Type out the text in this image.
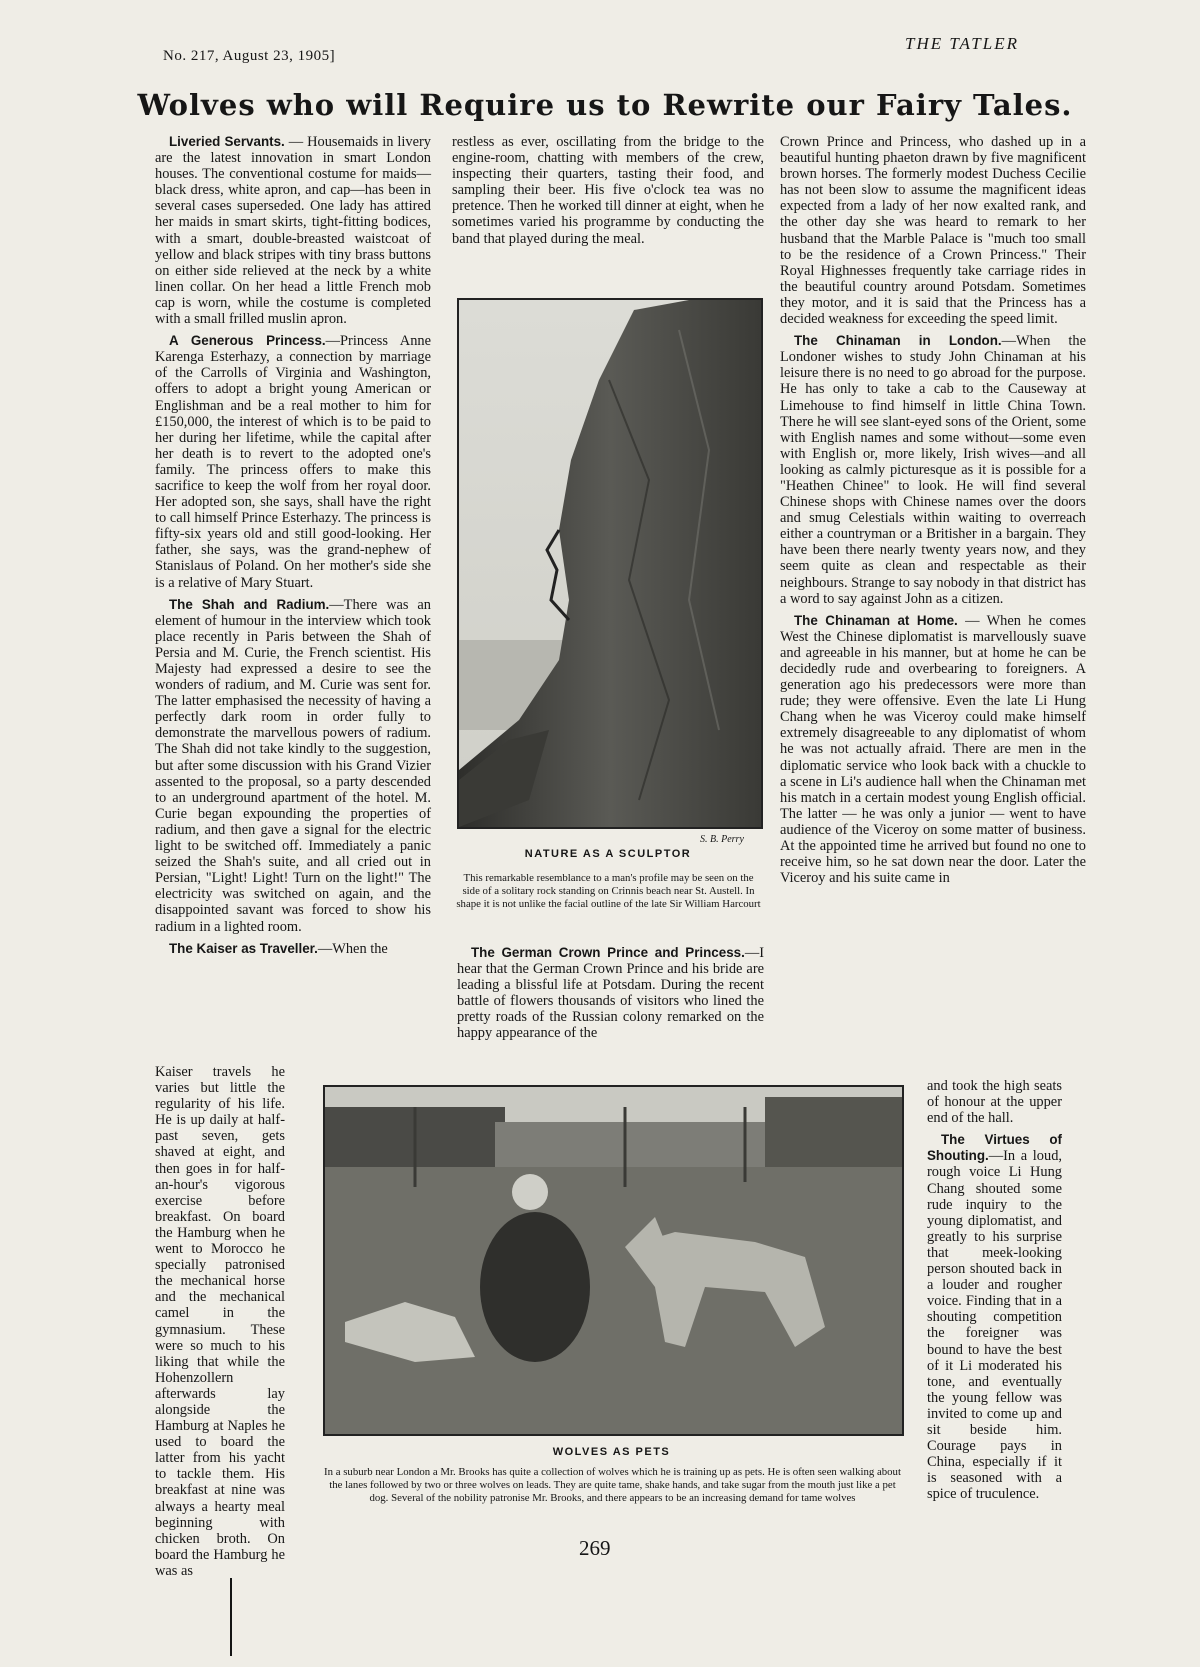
No. 217, August 23, 1905]
THE TATLER
Wolves who will Require us to Rewrite our Fairy Tales.

Liveried Servants. — Housemaids in livery are the latest innovation in smart London houses. The conventional costume for maids—black dress, white apron, and cap—has been in several cases superseded. One lady has attired her maids in smart skirts, tight-fitting bodices, with a smart, double-breasted waistcoat of yellow and black stripes with tiny brass buttons on either side relieved at the neck by a white linen collar. On her head a little French mob cap is worn, while the costume is completed with a small frilled muslin apron.

A Generous Princess.—Princess Anne Karenga Esterhazy, a connection by marriage of the Carrolls of Virginia and Washington, offers to adopt a bright young American or Englishman and be a real mother to him for £150,000, the interest of which is to be paid to her during her lifetime, while the capital after her death is to revert to the adopted one's family. The princess offers to make this sacrifice to keep the wolf from her royal door. Her adopted son, she says, shall have the right to call himself Prince Esterhazy. The princess is fifty-six years old and still good-looking. Her father, she says, was the grand-nephew of Stanislaus of Poland. On her mother's side she is a relative of Mary Stuart.

The Shah and Radium.—There was an element of humour in the interview which took place recently in Paris between the Shah of Persia and M. Curie, the French scientist. His Majesty had expressed a desire to see the wonders of radium, and M. Curie was sent for. The latter emphasised the necessity of having a perfectly dark room in order fully to demonstrate the marvellous powers of radium. The Shah did not take kindly to the suggestion, but after some discussion with his Grand Vizier assented to the proposal, so a party descended to an underground apartment of the hotel. M. Curie began expounding the properties of radium, and then gave a signal for the electric light to be switched off. Immediately a panic seized the Shah's suite, and all cried out in Persian, "Light! Light! Turn on the light!" The electricity was switched on again, and the disappointed savant was forced to show his radium in a lighted room.

The Kaiser as Traveller.—When the

Kaiser travels he varies but little the regularity of his life. He is up daily at half-past seven, gets shaved at eight, and then goes in for half-an-hour's vigorous exercise before breakfast. On board the Hamburg when he went to Morocco he specially patronised the mechanical horse and the mechanical camel in the gymnasium. These were so much to his liking that while the Hohenzollern afterwards lay alongside the Hamburg at Naples he used to board the latter from his yacht to tackle them. His breakfast at nine was always a hearty meal beginning with chicken broth. On board the Hamburg he was as

restless as ever, oscillating from the bridge to the engine-room, chatting with members of the crew, inspecting their quarters, tasting their food, and sampling their beer. His five o'clock tea was no pretence. Then he worked till dinner at eight, when he sometimes varied his programme by conducting the band that played during the meal.

S. B. Perry
NATURE AS A SCULPTOR
This remarkable resemblance to a man's profile may be seen on the side of a solitary rock standing on Crinnis beach near St. Austell. In shape it is not unlike the facial outline of the late Sir William Harcourt

The German Crown Prince and Princess.—I hear that the German Crown Prince and his bride are leading a blissful life at Potsdam. During the recent battle of flowers thousands of visitors who lined the pretty roads of the Russian colony remarked on the happy appearance of the

Crown Prince and Princess, who dashed up in a beautiful hunting phaeton drawn by five magnificent brown horses. The formerly modest Duchess Cecilie has not been slow to assume the magnificent ideas expected from a lady of her now exalted rank, and the other day she was heard to remark to her husband that the Marble Palace is "much too small to be the residence of a Crown Princess." Their Royal Highnesses frequently take carriage rides in the beautiful country around Potsdam. Sometimes they motor, and it is said that the Princess has a decided weakness for exceeding the speed limit.

The Chinaman in London.—When the Londoner wishes to study John Chinaman at his leisure there is no need to go abroad for the purpose. He has only to take a cab to the Causeway at Limehouse to find himself in little China Town. There he will see slant-eyed sons of the Orient, some with English names and some without—some even with English or, more likely, Irish wives—and all looking as calmly picturesque as it is possible for a "Heathen Chinee" to look. He will find several Chinese shops with Chinese names over the doors and smug Celestials within waiting to overreach either a countryman or a Britisher in a bargain. They have been there nearly twenty years now, and they seem quite as clean and respectable as their neighbours. Strange to say nobody in that district has a word to say against John as a citizen.

The Chinaman at Home. — When he comes West the Chinese diplomatist is marvellously suave and agreeable in his manner, but at home he can be decidedly rude and overbearing to foreigners. A generation ago his predecessors were more than rude; they were offensive. Even the late Li Hung Chang when he was Viceroy could make himself extremely disagreeable to any diplomatist of whom he was not actually afraid. There are men in the diplomatic service who look back with a chuckle to a scene in Li's audience hall when the Chinaman met his match in a certain modest young English official. The latter — he was only a junior — went to have audience of the Viceroy on some matter of business. At the appointed time he arrived but found no one to receive him, so he sat down near the door. Later the Viceroy and his suite came in

and took the high seats of honour at the upper end of the hall.

The Virtues of Shouting.—In a loud, rough voice Li Hung Chang shouted some rude inquiry to the young diplomatist, and greatly to his surprise that meek-looking person shouted back in a louder and rougher voice. Finding that in a shouting competition the foreigner was bound to have the best of it Li moderated his tone, and eventually the young fellow was invited to come up and sit beside him. Courage pays in China, especially if it is seasoned with a spice of truculence.

WOLVES AS PETS
In a suburb near London a Mr. Brooks has quite a collection of wolves which he is training up as pets. He is often seen walking about the lanes followed by two or three wolves on leads. They are quite tame, shake hands, and take sugar from the mouth just like a pet dog. Several of the nobility patronise Mr. Brooks, and there appears to be an increasing demand for tame wolves
269
